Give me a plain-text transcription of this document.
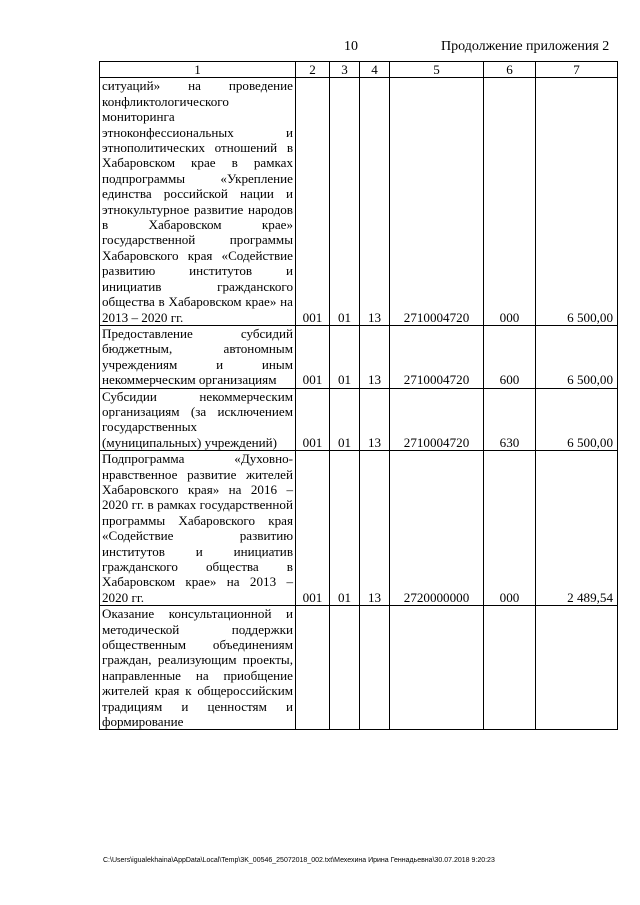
10	Продолжение приложения 2
1	2	3	4	5	6	7
ситуаций» на проведение конфликтологического мониторинга этноконфессиональных и этнополитических отношений в Хабаровском крае в рамках подпрограммы «Укрепление единства российской нации и этнокультурное развитие народов в Хабаровском крае» государственной программы Хабаровского края «Содействие развитию институтов и инициатив гражданского общества в Хабаровском крае» на 2013 – 2020 гг.	001	01	13	2710004720	000	6 500,00
Предоставление субсидий бюджетным, автономным учреждениям и иным некоммерческим организациям	001	01	13	2710004720	600	6 500,00
Субсидии некоммерческим организациям (за исключением государственных (муниципальных) учреждений)	001	01	13	2710004720	630	6 500,00
Подпрограмма «Духовно-нравственное развитие жителей Хабаровского края» на 2016 – 2020 гг. в рамках государственной программы Хабаровского края «Содействие развитию институтов и инициатив гражданского общества в Хабаровском крае» на 2013 – 2020 гг.	001	01	13	2720000000	000	2 489,54
Оказание консультационной и методической поддержки общественным объединениям граждан, реализующим проекты, направленные на приобщение жителей края к общероссийским традициям и ценностям и формирование						
C:\Users\igualekhaina\AppData\Local\Temp\3K_00546_25072018_002.txt\Мехехина Ирина Геннадьевна\30.07.2018 9:20:23
